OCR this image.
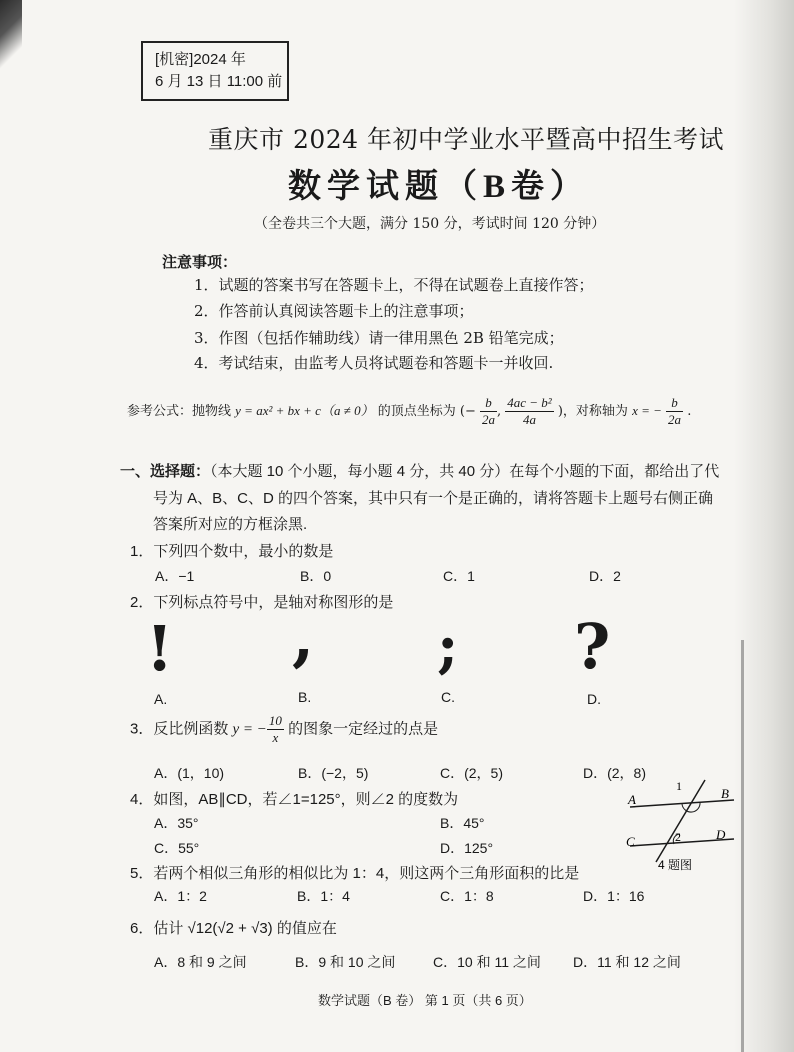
[机密]2024 年
6 月 13 日 11:00 前
重庆市 2024 年初中学业水平暨高中招生考试
数学试题（B卷）
（全卷共三个大题，满分 150 分，考试时间 120 分钟）
注意事项：
1．试题的答案书写在答题卡上，不得在试题卷上直接作答；
2．作答前认真阅读答题卡上的注意事项；
3．作图（包括作辅助线）请一律用黑色 2B 铅笔完成；
4．考试结束，由监考人员将试题卷和答题卡一并收回.
参考公式：抛物线 y = ax² + bx + c（a ≠ 0） 的顶点坐标为 (− $\frac{b}{2a}$ , $\frac{\text{4ac − b²}}{4a}$ )，对称轴为 x = − $\frac{b}{2a}$ .
一、选择题：（本大题 10 个小题，每小题 4 分，共 40 分）在每个小题的下面，都给出了代
号为 A、B、C、D 的四个答案，其中只有一个是正确的，请将答题卡上题号右侧正确
答案所对应的方框涂黑.
1．下列四个数中，最小的数是
A．−1	B．0	C．1	D．2
2．下列标点符号中，是轴对称图形的是
! , ; ?
A.	B.	C.	D.
3．反比例函数 y = − $\frac{10}{x}$ 的图象一定经过的点是
A．(1，10)	B．(−2，5)	C．(2，5)	D．(2，8)
4．如图，AB∥CD，若∠1=125°，则∠2 的度数为
A．35°	B．45°
C．55°	D．125°
A	B
C	D
1
2
4 题图
5．若两个相似三角形的相似比为 1：4，则这两个三角形面积的比是
A．1：2	B．1：4	C．1：8	D．1：16
6．估计 √12(√2 + √3) 的值应在
A．8 和 9 之间	B．9 和 10 之间	C．10 和 11 之间 D．11 和 12 之间
数学试题（B 卷） 第 1 页（共 6 页）
